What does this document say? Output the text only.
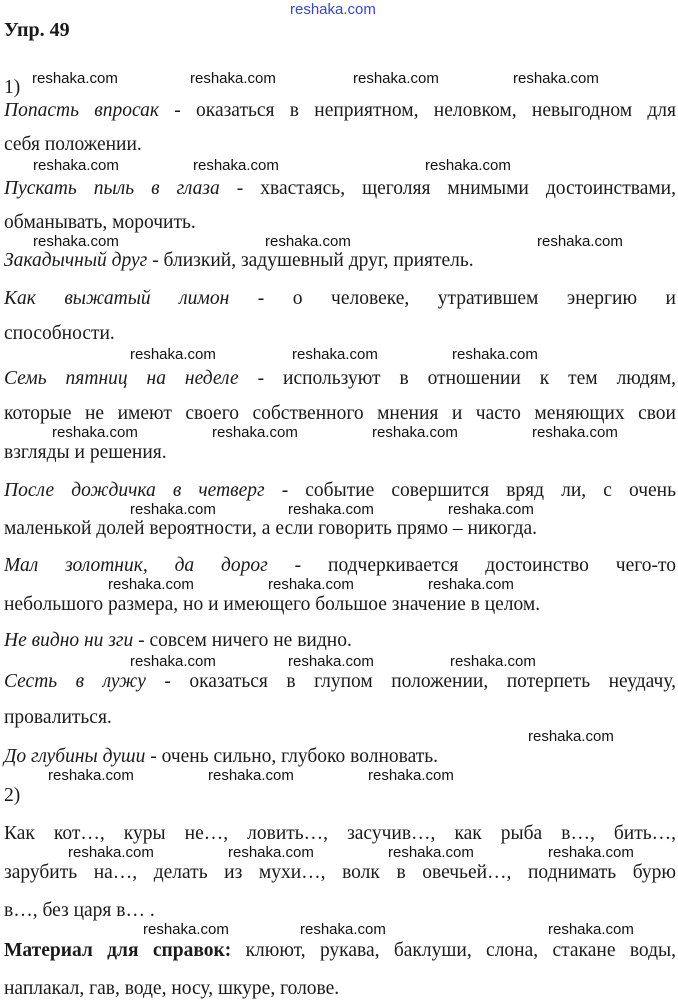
reshaka.com
Упр. 49
1)
Попасть впросак - оказаться в неприятном, неловком, невыгодном для
себя положении.
Пускать пыль в глаза - хвастаясь, щеголяя мнимыми достоинствами,
обманывать, морочить.
Закадычный друг - близкий, задушевный друг, приятель.
Как выжатый лимон - о человеке, утратившем энергию и
способности.
Семь пятниц на неделе - используют в отношении к тем людям,
которые не имеют своего собственного мнения и часто меняющих свои
взгляды и решения.
После дождичка в четверг - событие совершится вряд ли, с очень
маленькой долей вероятности, а если говорить прямо – никогда.
Мал золотник, да дорог - подчеркивается достоинство чего-то
небольшого размера, но и имеющего большое значение в целом.
Не видно ни зги - совсем ничего не видно.
Сесть в лужу - оказаться в глупом положении, потерпеть неудачу,
провалиться.
До глубины души - очень сильно, глубоко волновать.
2)
Как кот…, куры не…, ловить…, засучив…, как рыба в…, бить…,
зарубить на…, делать из мухи…, волк в овечьей…, поднимать бурю
в…, без царя в… .
Материал для справок: клюют, рукава, баклуши, слона, стакане воды,
наплакал, гав, воде, носу, шкуре, голове.
reshaka.com	reshaka.com	reshaka.com	reshaka.com
reshaka.com	reshaka.com	reshaka.com
reshaka.com	reshaka.com	reshaka.com
reshaka.com	reshaka.com	reshaka.com
reshaka.com	reshaka.com	reshaka.com	reshaka.com
reshaka.com	reshaka.com	reshaka.com
reshaka.com	reshaka.com	reshaka.com
reshaka.com	reshaka.com	reshaka.com
reshaka.com
reshaka.com	reshaka.com	reshaka.com
reshaka.com	reshaka.com	reshaka.com	reshaka.com
reshaka.com	reshaka.com	reshaka.com
